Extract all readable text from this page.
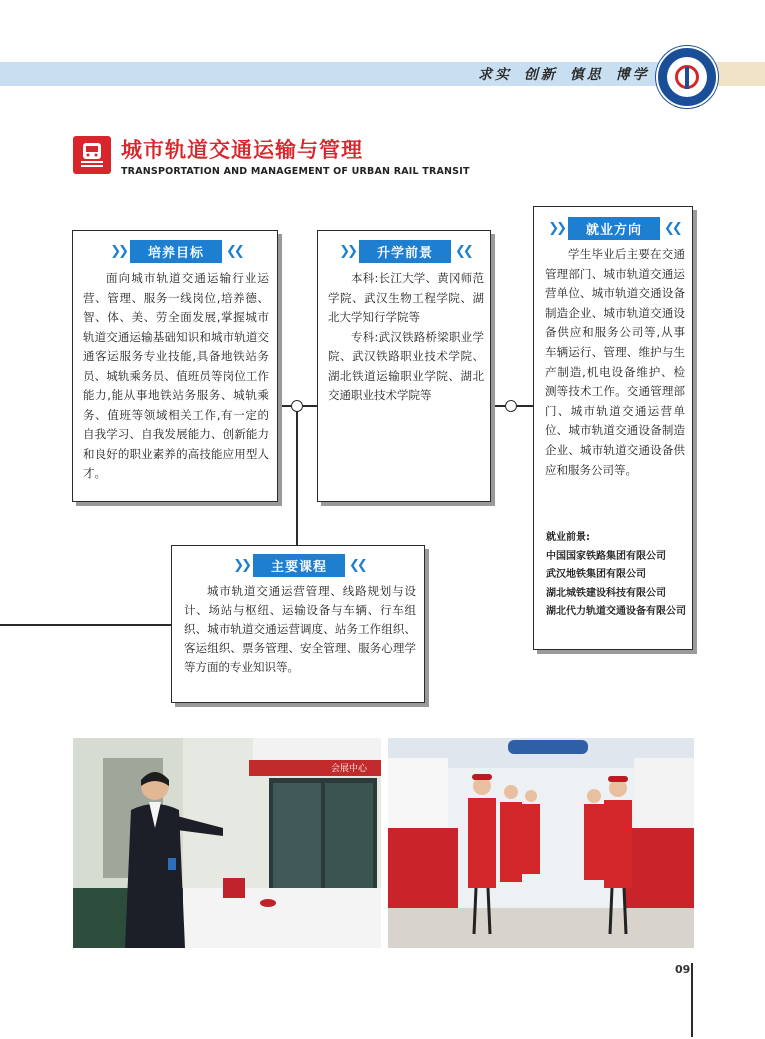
求实 创新 慎思 博学
城市轨道交通运输与管理
TRANSPORTATION AND MANAGEMENT OF URBAN RAIL TRANSIT
❯❯	培养目标	❮❮

面向城市轨道交通运输行业运营、管理、服务一线岗位,培养德、智、体、美、劳全面发展,掌握城市轨道交通运输基础知识和城市轨道交通客运服务专业技能,具备地铁站务员、城轨乘务员、值班员等岗位工作能力,能从事地铁站务服务、城轨乘务、值班等领域相关工作,有一定的自我学习、自我发展能力、创新能力和良好的职业素养的高技能应用型人才。

❯❯	升学前景	❮❮

本科:长江大学、黄冈师范学院、武汉生物工程学院、湖北大学知行学院等

专科:武汉铁路桥梁职业学院、武汉铁路职业技术学院、湖北铁道运输职业学院、湖北交通职业技术学院等

❯❯	就业方向	❮❮

学生毕业后主要在交通管理部门、城市轨道交通运营单位、城市轨道交通设备制造企业、城市轨道交通设备供应和服务公司等,从事车辆运行、管理、维护与生产制造,机电设备维护、检测等技术工作。交通管理部门、城市轨道交通运营单位、城市轨道交通设备制造企业、城市轨道交通设备供应和服务公司等。

就业前景:
中国国家铁路集团有限公司
武汉地铁集团有限公司
湖北城铁建设科技有限公司
湖北代力轨道交通设备有限公司
❯❯	主要课程	❮❮

城市轨道交通运营管理、线路规划与设计、场站与枢纽、运输设备与车辆、行车组织、城市轨道交通运营调度、站务工作组织、客运组织、票务管理、安全管理、服务心理学等方面的专业知识等。

会展中心
09
